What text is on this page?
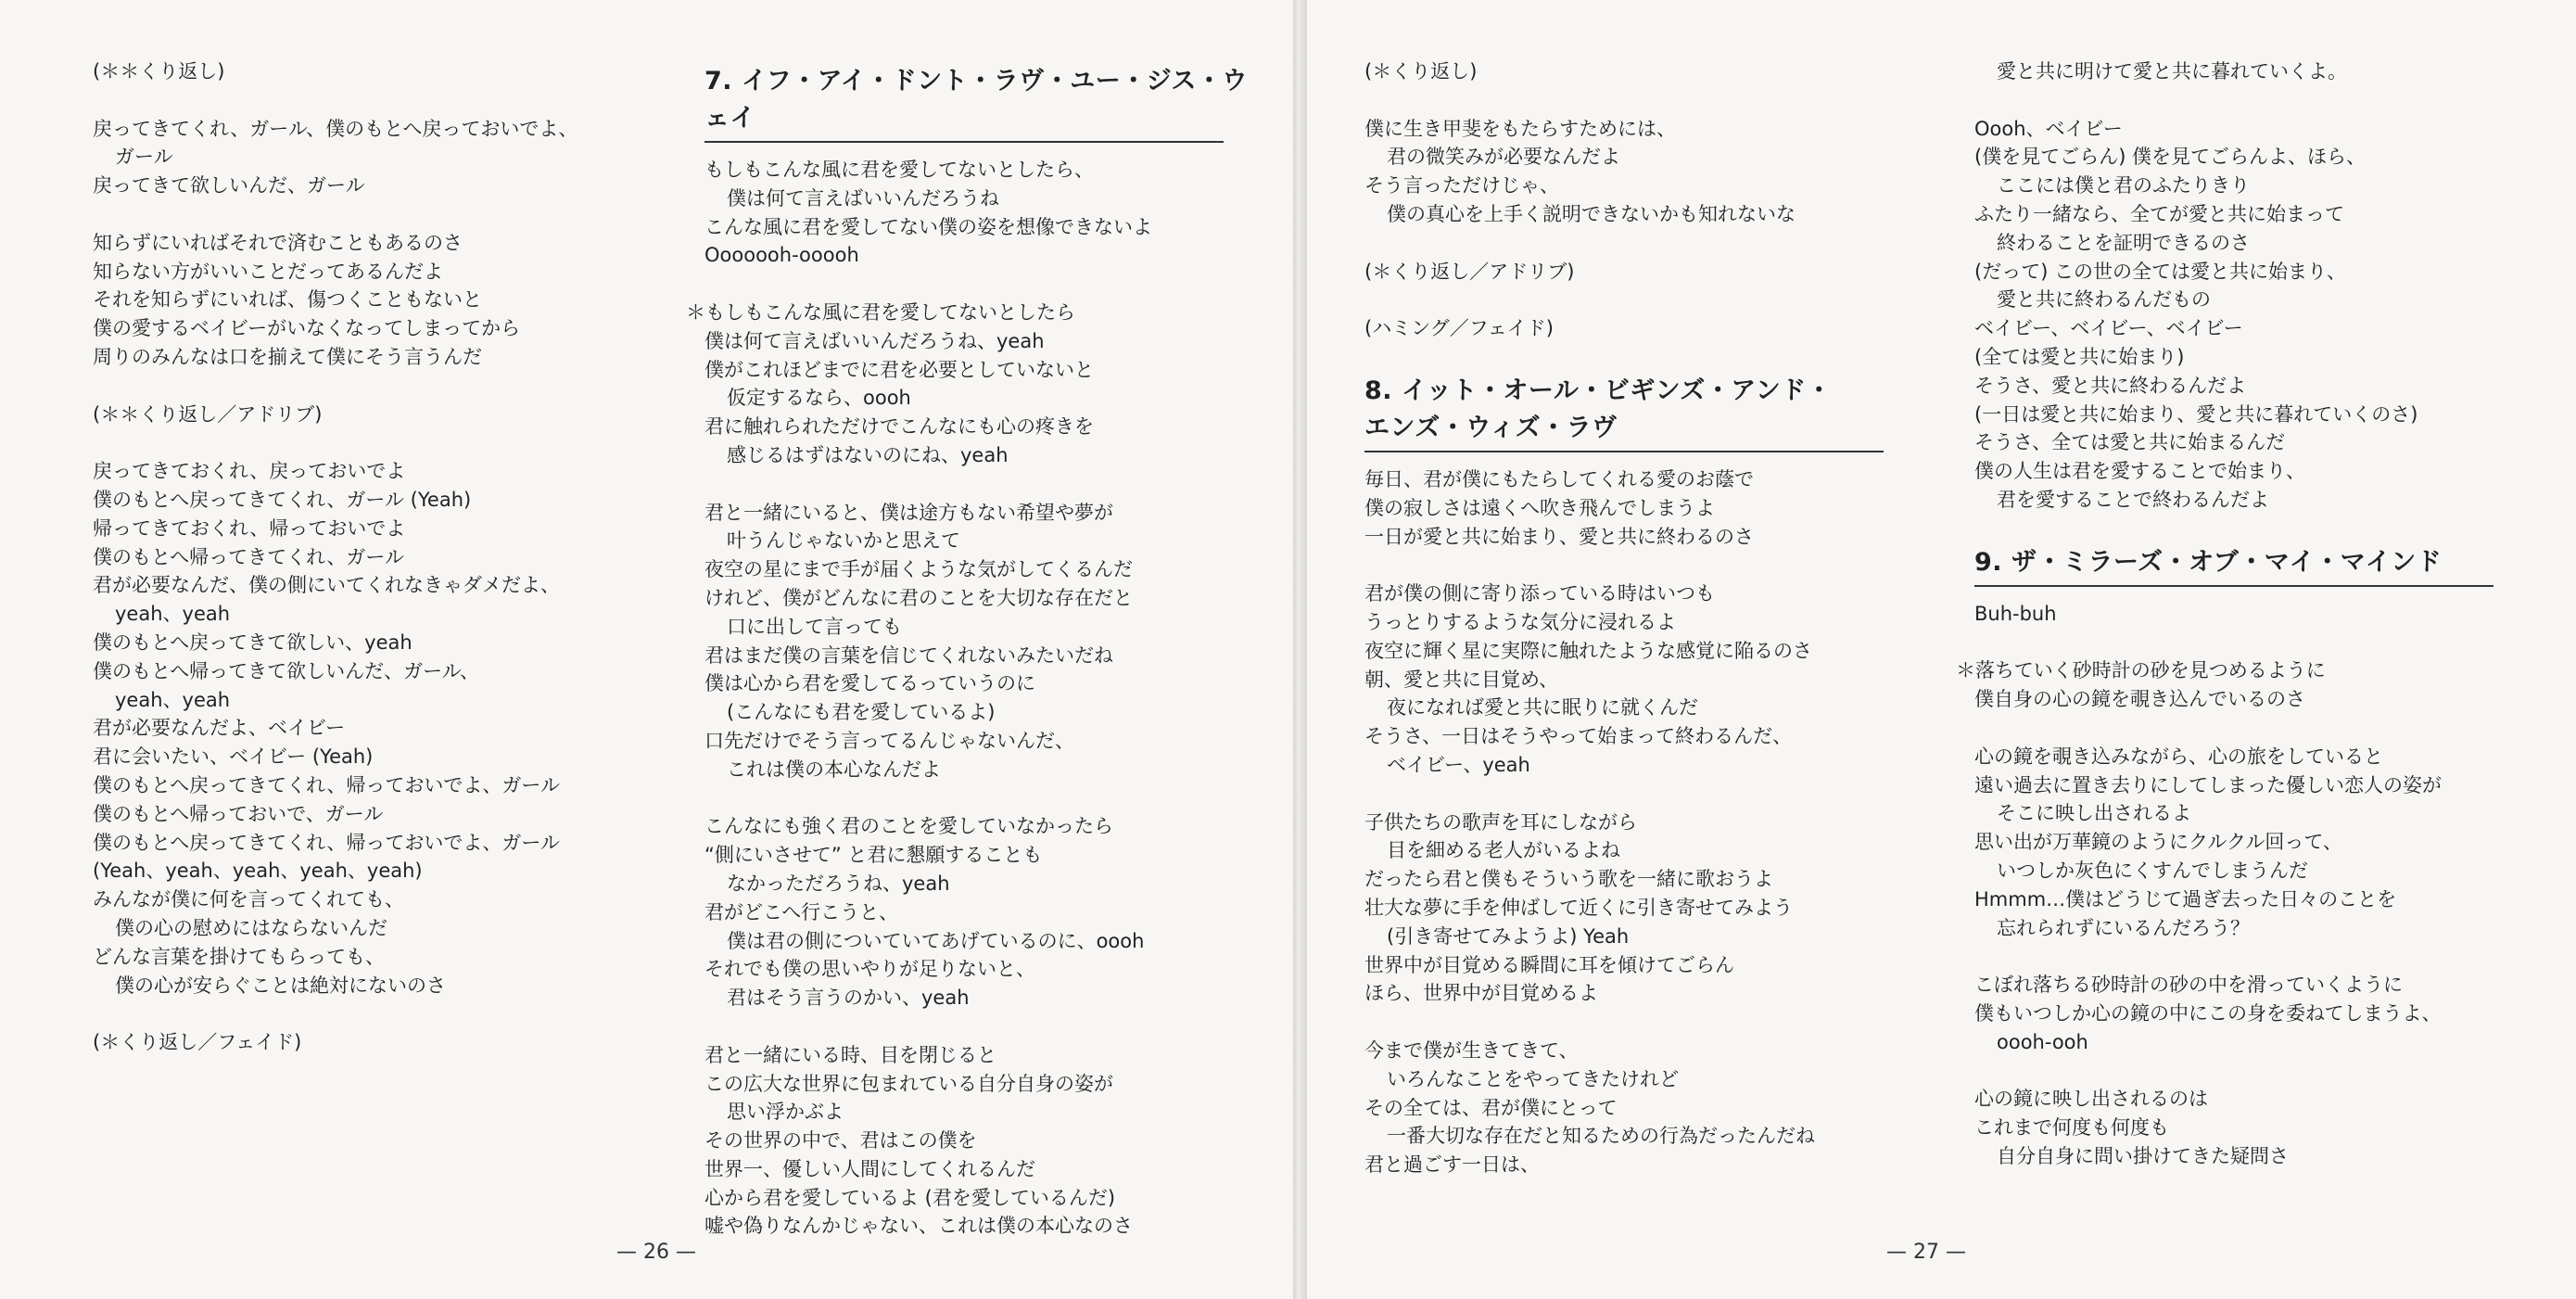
(＊＊くり返し)
戻ってきてくれ、ガール、僕のもとへ戻っておいでよ、
ガール
戻ってきて欲しいんだ、ガール
知らずにいればそれで済むこともあるのさ
知らない方がいいことだってあるんだよ
それを知らずにいれば、傷つくこともないと
僕の愛するベイビーがいなくなってしまってから
周りのみんなは口を揃えて僕にそう言うんだ
(＊＊くり返し／アドリブ)
戻ってきておくれ、戻っておいでよ
僕のもとへ戻ってきてくれ、ガール (Yeah)
帰ってきておくれ、帰っておいでよ
僕のもとへ帰ってきてくれ、ガール
君が必要なんだ、僕の側にいてくれなきゃダメだよ、
yeah、yeah
僕のもとへ戻ってきて欲しい、yeah
僕のもとへ帰ってきて欲しいんだ、ガール、
yeah、yeah
君が必要なんだよ、ベイビー
君に会いたい、ベイビー (Yeah)
僕のもとへ戻ってきてくれ、帰っておいでよ、ガール
僕のもとへ帰っておいで、ガール
僕のもとへ戻ってきてくれ、帰っておいでよ、ガール
(Yeah、yeah、yeah、yeah、yeah)
みんなが僕に何を言ってくれても、
僕の心の慰めにはならないんだ
どんな言葉を掛けてもらっても、
僕の心が安らぐことは絶対にないのさ
(＊くり返し／フェイド)
7. イフ・アイ・ドント・ラヴ・ユー・ジス・ウェイ
もしもこんな風に君を愛してないとしたら、
僕は何て言えばいいんだろうね
こんな風に君を愛してない僕の姿を想像できないよ
Ooooooh-ooooh
＊もしもこんな風に君を愛してないとしたら
僕は何て言えばいいんだろうね、yeah
僕がこれほどまでに君を必要としていないと
仮定するなら、oooh
君に触れられただけでこんなにも心の疼きを
感じるはずはないのにね、yeah
君と一緒にいると、僕は途方もない希望や夢が
叶うんじゃないかと思えて
夜空の星にまで手が届くような気がしてくるんだ
けれど、僕がどんなに君のことを大切な存在だと
口に出して言っても
君はまだ僕の言葉を信じてくれないみたいだね
僕は心から君を愛してるっていうのに
(こんなにも君を愛しているよ)
口先だけでそう言ってるんじゃないんだ、
これは僕の本心なんだよ
こんなにも強く君のことを愛していなかったら
“側にいさせて” と君に懇願することも
なかっただろうね、yeah
君がどこへ行こうと、
僕は君の側についていてあげているのに、oooh
それでも僕の思いやりが足りないと、
君はそう言うのかい、yeah
君と一緒にいる時、目を閉じると
この広大な世界に包まれている自分自身の姿が
思い浮かぶよ
その世界の中で、君はこの僕を
世界一、優しい人間にしてくれるんだ
心から君を愛しているよ (君を愛しているんだ)
嘘や偽りなんかじゃない、これは僕の本心なのさ
— 26 —
(＊くり返し)
僕に生き甲斐をもたらすためには、
君の微笑みが必要なんだよ
そう言っただけじゃ、
僕の真心を上手く説明できないかも知れないな
(＊くり返し／アドリブ)
(ハミング／フェイド)
8. イット・オール・ビギンズ・アンド・
エンズ・ウィズ・ラヴ
毎日、君が僕にもたらしてくれる愛のお蔭で
僕の寂しさは遠くへ吹き飛んでしまうよ
一日が愛と共に始まり、愛と共に終わるのさ
君が僕の側に寄り添っている時はいつも
うっとりするような気分に浸れるよ
夜空に輝く星に実際に触れたような感覚に陥るのさ
朝、愛と共に目覚め、
夜になれば愛と共に眠りに就くんだ
そうさ、一日はそうやって始まって終わるんだ、
ベイビー、yeah
子供たちの歌声を耳にしながら
目を細める老人がいるよね
だったら君と僕もそういう歌を一緒に歌おうよ
壮大な夢に手を伸ばして近くに引き寄せてみよう
(引き寄せてみようよ) Yeah
世界中が目覚める瞬間に耳を傾けてごらん
ほら、世界中が目覚めるよ
今まで僕が生きてきて、
いろんなことをやってきたけれど
その全ては、君が僕にとって
一番大切な存在だと知るための行為だったんだね
君と過ごす一日は、
愛と共に明けて愛と共に暮れていくよ。
Oooh、ベイビー
(僕を見てごらん) 僕を見てごらんよ、ほら、
ここには僕と君のふたりきり
ふたり一緒なら、全てが愛と共に始まって
終わることを証明できるのさ
(だって) この世の全ては愛と共に始まり、
愛と共に終わるんだもの
ベイビー、ベイビー、ベイビー
(全ては愛と共に始まり)
そうさ、愛と共に終わるんだよ
(一日は愛と共に始まり、愛と共に暮れていくのさ)
そうさ、全ては愛と共に始まるんだ
僕の人生は君を愛することで始まり、
君を愛することで終わるんだよ
9. ザ・ミラーズ・オブ・マイ・マインド
Buh-buh
＊落ちていく砂時計の砂を見つめるように
僕自身の心の鏡を覗き込んでいるのさ
心の鏡を覗き込みながら、心の旅をしていると
遠い過去に置き去りにしてしまった優しい恋人の姿が
そこに映し出されるよ
思い出が万華鏡のようにクルクル回って、
いつしか灰色にくすんでしまうんだ
Hmmm…僕はどうじて過ぎ去った日々のことを
忘れられずにいるんだろう？
こぼれ落ちる砂時計の砂の中を滑っていくように
僕もいつしか心の鏡の中にこの身を委ねてしまうよ、
oooh-ooh
心の鏡に映し出されるのは
これまで何度も何度も
自分自身に問い掛けてきた疑問さ
— 27 —
